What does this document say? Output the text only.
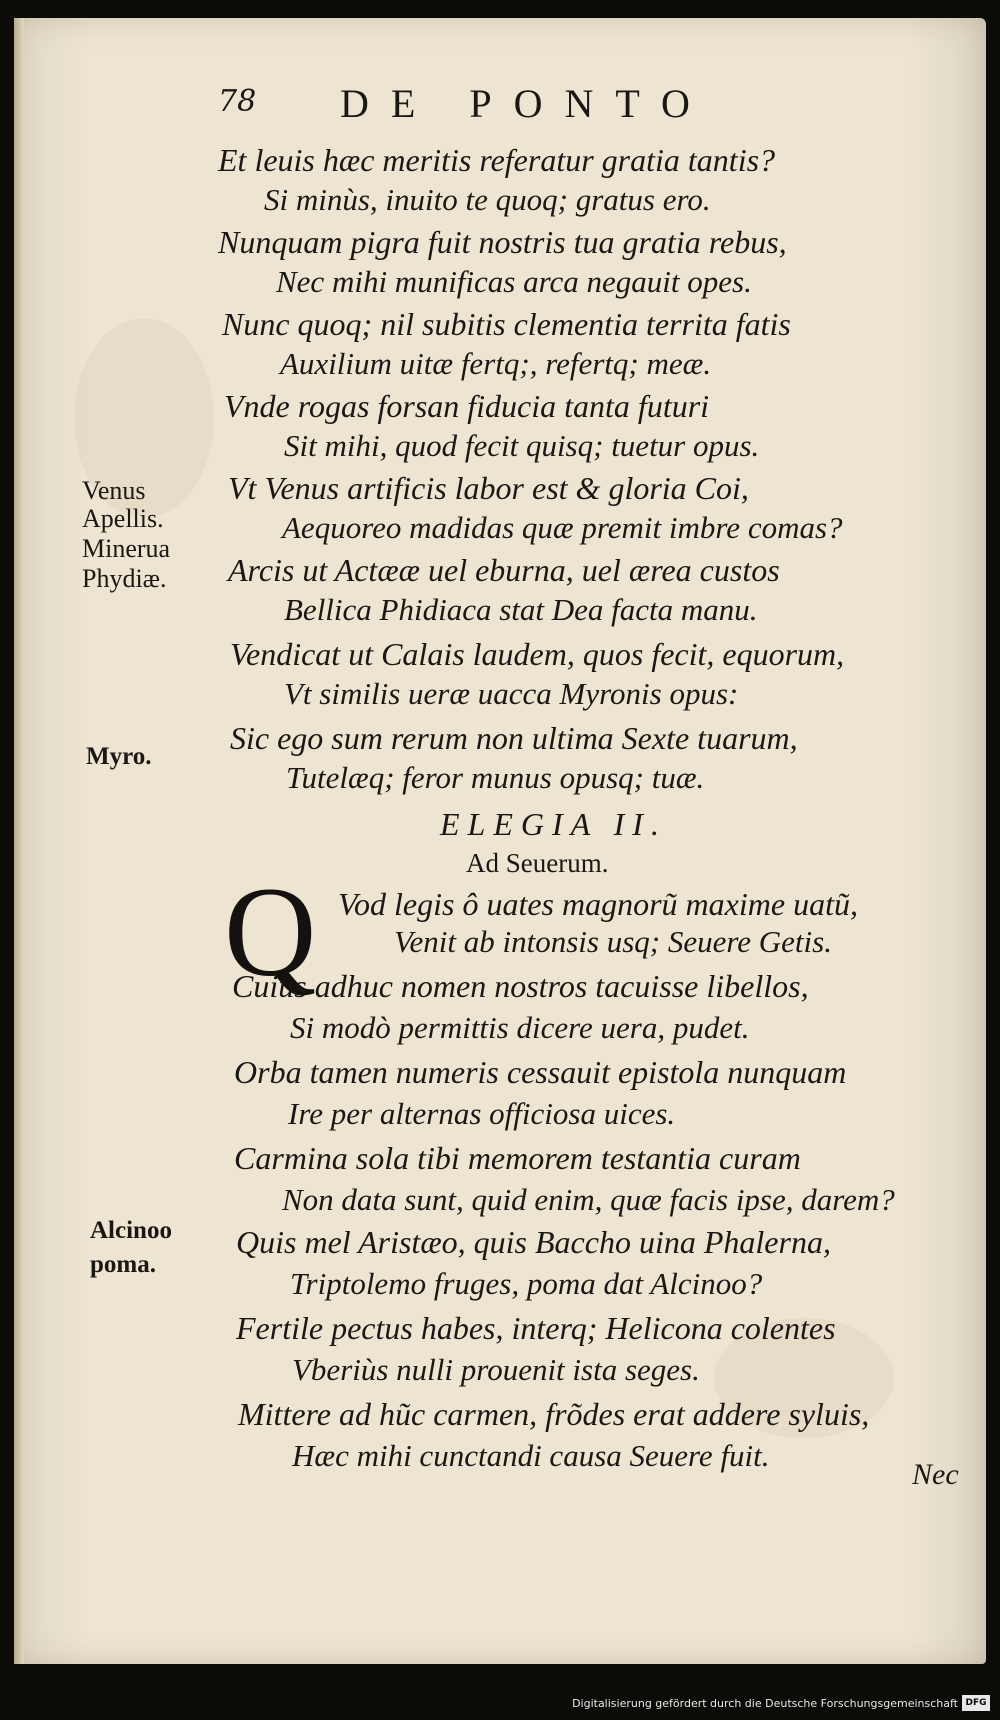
78 DE PONTO
Et leuis hæc meritis referatur gratia tantis?
Si minùs, inuito te quoq; gratus ero.
Nunquam pigra fuit nostris tua gratia rebus,
Nec mihi munificas arca negauit opes.
Nunc quoq; nil subitis clementia territa fatis
Auxilium uitæ fertq;, refertq; meæ.
Vnde rogas forsan fiducia tanta futuri
Sit mihi, quod fecit quisq; tuetur opus.
Vt Venus artificis labor est & gloria Coi,
Aequoreo madidas quæ premit imbre comas?
Arcis ut Actææ uel eburna, uel ærea custos
Bellica Phidiaca stat Dea facta manu.
Vendicat ut Calais laudem, quos fecit, equorum,
Vt similis ueræ uacca Myronis opus:
Sic ego sum rerum non ultima Sexte tuarum,
Tutelæq; feror munus opusq; tuæ.
Venus
Apellis.
Minerua
Phydiæ.
Myro.
ELEGIA II.
Ad Seuerum.
Q Vod legis ô uates magnorũ maxime uatũ,
Venit ab intonsis usq; Seuere Getis.
Cuius adhuc nomen nostros tacuisse libellos,
Si modò permittis dicere uera, pudet.
Orba tamen numeris cessauit epistola nunquam
Ire per alternas officiosa uices.
Carmina sola tibi memorem testantia curam
Non data sunt, quid enim, quæ facis ipse, darem?
Quis mel Aristæo, quis Baccho uina Phalerna,
Triptolemo fruges, poma dat Alcinoo?
Fertile pectus habes, interq; Helicona colentes
Vberiùs nulli prouenit ista seges.
Mittere ad hũc carmen, frõdes erat addere syluis,
Hæc mihi cunctandi causa Seuere fuit.
Alcinoo
poma.
Nec
Digitalisierung gefördert durch die Deutsche Forschungsgemeinschaft DFG
